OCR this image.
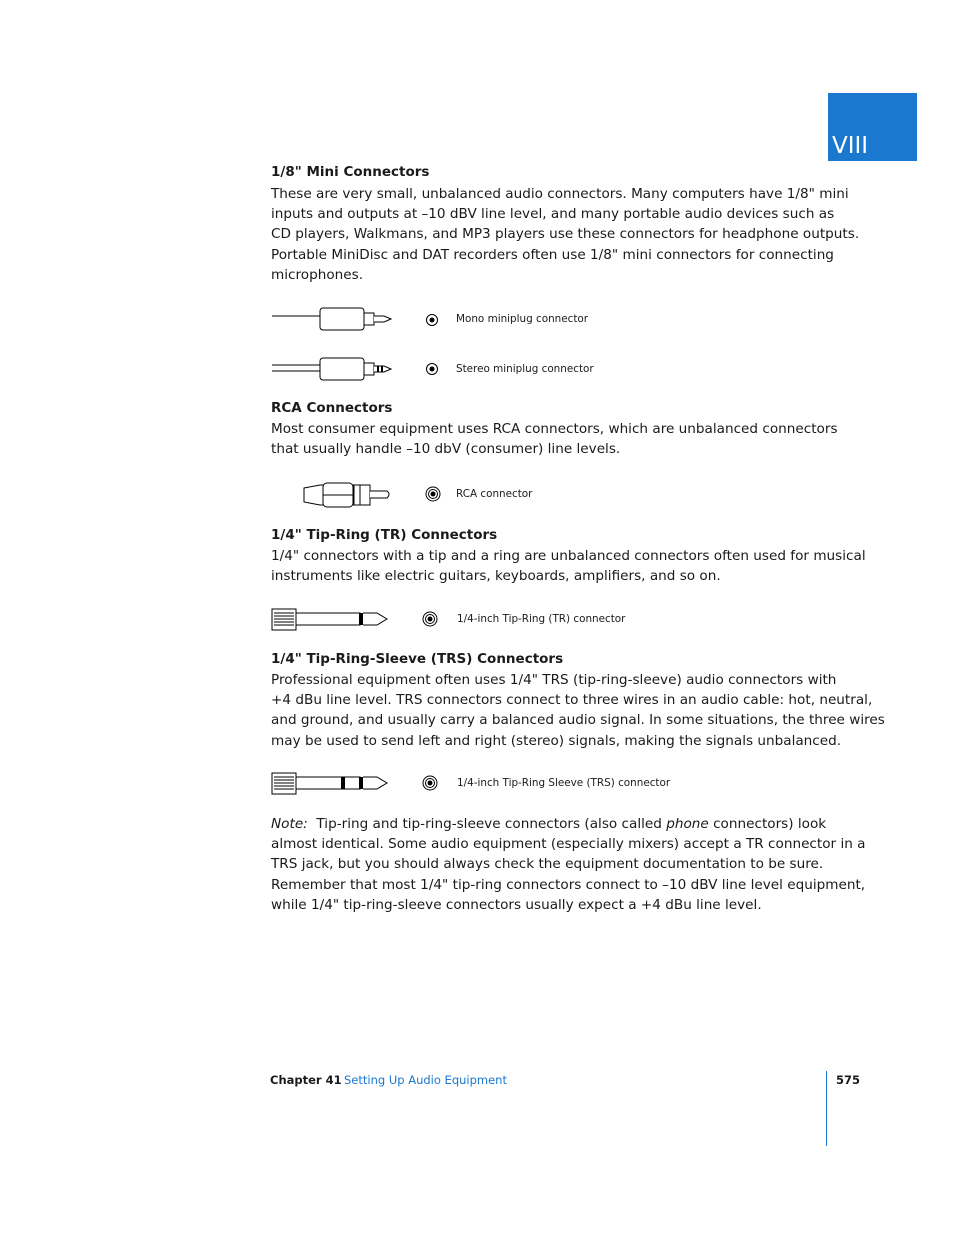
VIII
1/8" Mini Connectors
These are very small, unbalanced audio connectors. Many computers have 1/8" mini
inputs and outputs at –10 dBV line level, and many portable audio devices such as
CD players, Walkmans, and MP3 players use these connectors for headphone outputs.
Portable MiniDisc and DAT recorders often use 1/8" mini connectors for connecting
microphones.
Mono miniplug connector
Stereo miniplug connector
RCA Connectors
Most consumer equipment uses RCA connectors, which are unbalanced connectors
that usually handle –10 dbV (consumer) line levels.
RCA connector
1/4" Tip-Ring (TR) Connectors
1/4" connectors with a tip and a ring are unbalanced connectors often used for musical
instruments like electric guitars, keyboards, amplifiers, and so on.
1/4-inch Tip-Ring (TR) connector
1/4" Tip-Ring-Sleeve (TRS) Connectors
Professional equipment often uses 1/4" TRS (tip-ring-sleeve) audio connectors with
+4 dBu line level. TRS connectors connect to three wires in an audio cable: hot, neutral,
and ground, and usually carry a balanced audio signal. In some situations, the three wires
may be used to send left and right (stereo) signals, making the signals unbalanced.
1/4-inch Tip-Ring Sleeve (TRS) connector
Note: Tip-ring and tip-ring-sleeve connectors (also called phone connectors) look
almost identical. Some audio equipment (especially mixers) accept a TR connector in a
TRS jack, but you should always check the equipment documentation to be sure.
Remember that most 1/4" tip-ring connectors connect to –10 dBV line level equipment,
while 1/4" tip-ring-sleeve connectors usually expect a +4 dBu line level.
Chapter 41 Setting Up Audio Equipment	575
